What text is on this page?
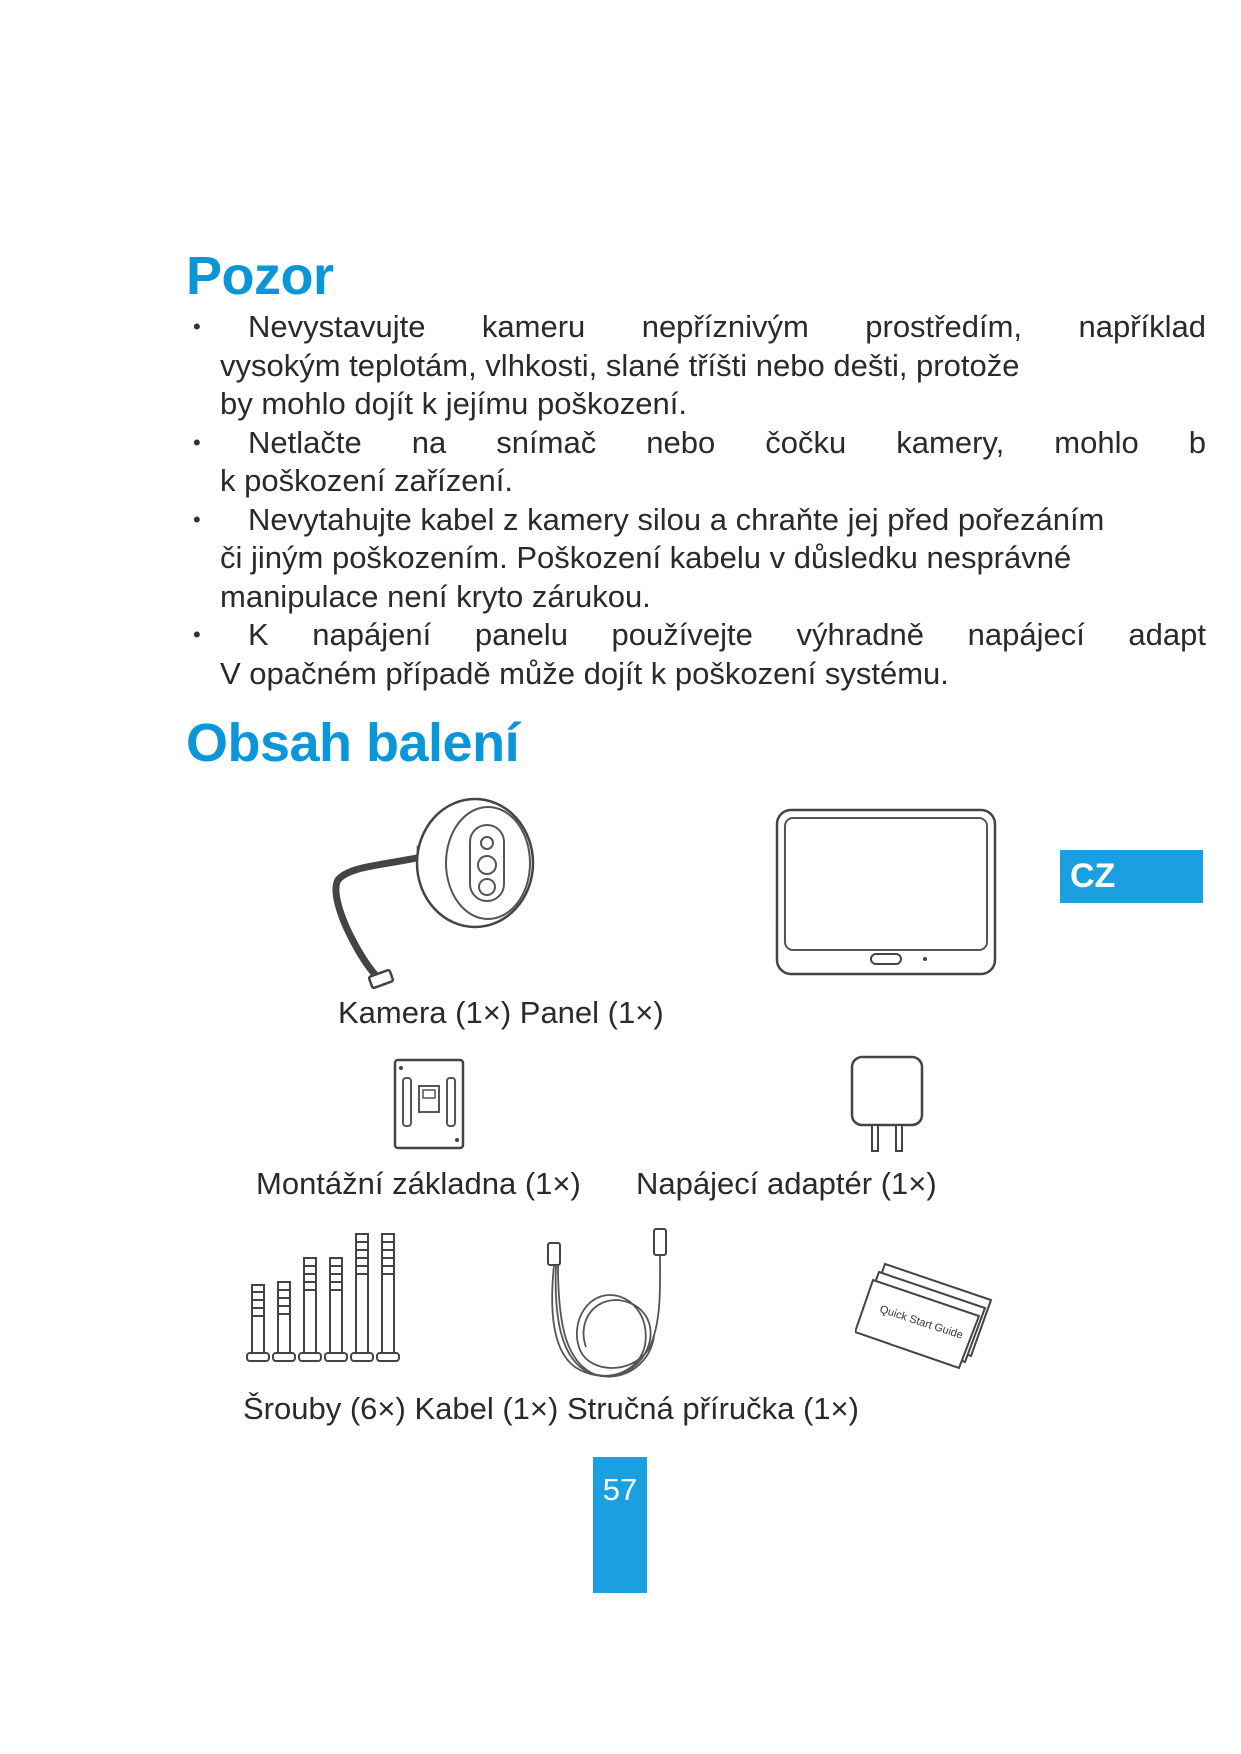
Pozor
•	Nevystavujte kameru nepříznivým prostředím, například
vysokým teplotám, vlhkosti, slané tříšti nebo dešti, protože
by mohlo dojít k jejímu poškození.
•	Netlačte na snímač nebo čočku kamery, mohlo b
k poškození zařízení.
•	Nevytahujte kabel z kamery silou a chraňte jej před pořezáním
či jiným poškozením. Poškození kabelu v důsledku nesprávné
manipulace není kryto zárukou.
•	K napájení panelu používejte výhradně napájecí adapt
V opačném případě může dojít k poškození systému.
Obsah balení
CZ
Kamera (1×) Panel (1×)
Montážní základna (1×) Napájecí adaptér (1×)
Quick Start Guide
Šrouby (6×) Kabel (1×) Stručná příručka (1×)
57
